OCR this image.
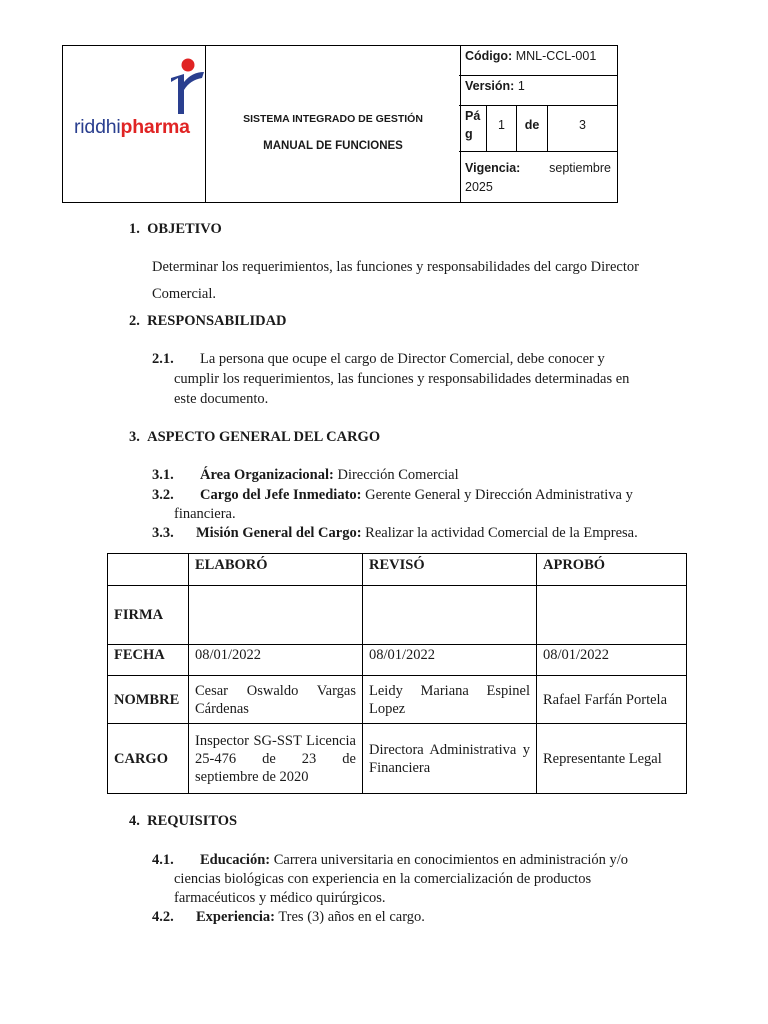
riddhipharma	SISTEMA INTEGRADO DE GESTIÓN
MANUAL DE FUNCIONES
Código: MNL-CCL-001
Versión: 1
Pá
g
1	de	3
Vigencia: septiembre

2025
1. OBJETIVO
Determinar los requerimientos, las funciones y responsabilidades del cargo Director
Comercial.
2. RESPONSABILIDAD
2.1. La persona que ocupe el cargo de Director Comercial, debe conocer y
cumplir los requerimientos, las funciones y responsabilidades determinadas en
este documento.
3. ASPECTO GENERAL DEL CARGO
3.1. Área Organizacional: Dirección Comercial
3.2. Cargo del Jefe Inmediato: Gerente General y Dirección Administrativa y
financiera.
3.3. Misión General del Cargo: Realizar la actividad Comercial de la Empresa.
	ELABORÓ	REVISÓ	APROBÓ
FIRMA			
FECHA	08/01/2022	08/01/2022	08/01/2022
NOMBRE	Cesar Oswaldo Vargas Cárdenas	Leidy Mariana Espinel Lopez	Rafael Farfán Portela
CARGO	Inspector SG-SST Licencia 25-476 de 23 de septiembre de 2020	Directora Administrativa y Financiera	Representante Legal
4. REQUISITOS
4.1. Educación: Carrera universitaria en conocimientos en administración y/o
ciencias biológicas con experiencia en la comercialización de productos
farmacéuticos y médico quirúrgicos.
4.2. Experiencia: Tres (3) años en el cargo.
